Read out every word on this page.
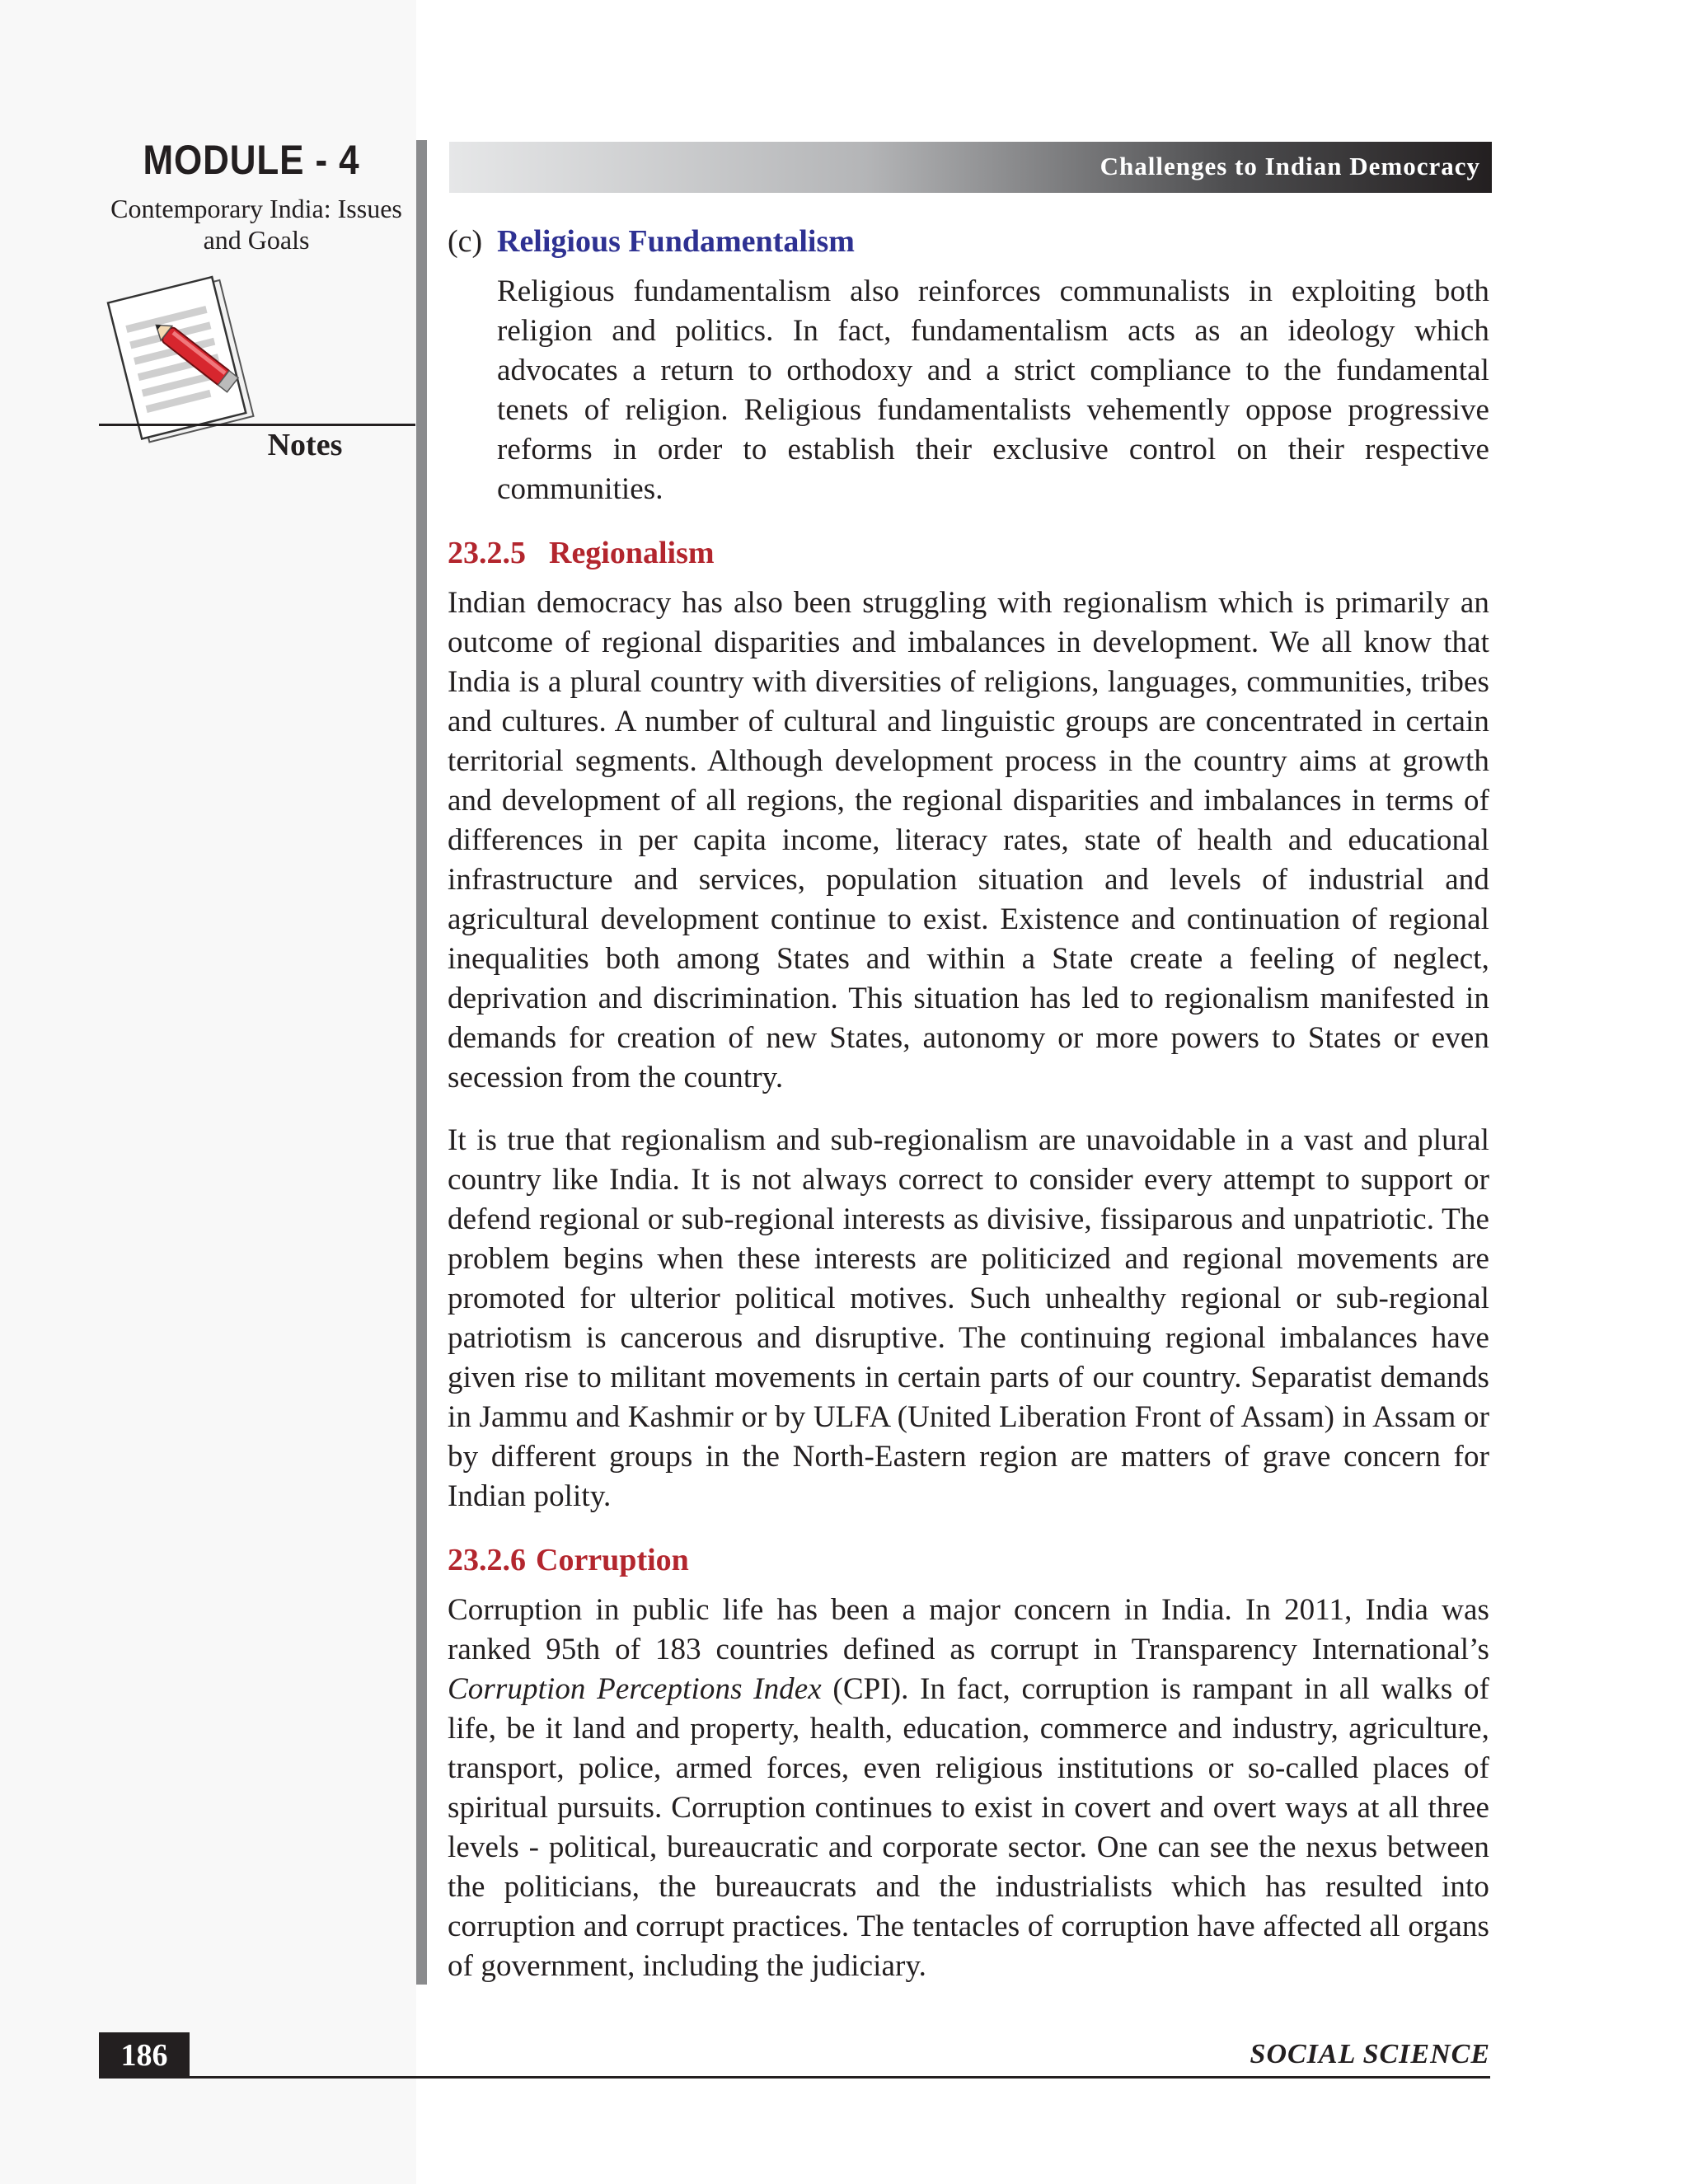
MODULE - 4
Contemporary India: Issues
and Goals
Notes
Challenges to Indian Democracy
(c) Religious Fundamentalism

Religious fundamentalism also reinforces communalists in exploiting both religion and politics. In fact, fundamentalism acts as an ideology which advocates a return to orthodoxy and a strict compliance to the fundamental tenets of religion. Religious fundamentalists vehemently oppose progressive reforms in order to establish their exclusive control on their respective communities.

23.2.5 Regionalism

Indian democracy has also been struggling with regionalism which is primarily an outcome of regional disparities and imbalances in development. We all know that India is a plural country with diversities of religions, languages, communities, tribes and cultures. A number of cultural and linguistic groups are concentrated in certain territorial segments. Although development process in the country aims at growth and development of all regions, the regional disparities and imbalances in terms of differences in per capita income, literacy rates, state of health and educational infrastructure and services, population situation and levels of industrial and agricultural development continue to exist. Existence and continuation of regional inequalities both among States and within a State create a feeling of neglect, deprivation and discrimination. This situation has led to regionalism manifested in demands for creation of new States, autonomy or more powers to States or even secession from the country.

It is true that regionalism and sub-regionalism are unavoidable in a vast and plural country like India. It is not always correct to consider every attempt to support or defend regional or sub-regional interests as divisive, fissiparous and unpatriotic. The problem begins when these interests are politicized and regional movements are promoted for ulterior political motives. Such unhealthy regional or sub-regional patriotism is cancerous and disruptive. The continuing regional imbalances have given rise to militant movements in certain parts of our country. Separatist demands in Jammu and Kashmir or by ULFA (United Liberation Front of Assam) in Assam or by different groups in the North-Eastern region are matters of grave concern for Indian polity.

23.2.6 Corruption

Corruption in public life has been a major concern in India. In 2011, India was ranked 95th of 183 countries defined as corrupt in Transparency International’s Corruption Perceptions Index (CPI). In fact, corruption is rampant in all walks of life, be it land and property, health, education, commerce and industry, agriculture, transport, police, armed forces, even religious institutions or so-called places of spiritual pursuits. Corruption continues to exist in covert and overt ways at all three levels - political, bureaucratic and corporate sector. One can see the nexus between the politicians, the bureaucrats and the industrialists which has resulted into corruption and corrupt practices. The tentacles of corruption have affected all organs of government, including the judiciary.

186	SOCIAL SCIENCE
